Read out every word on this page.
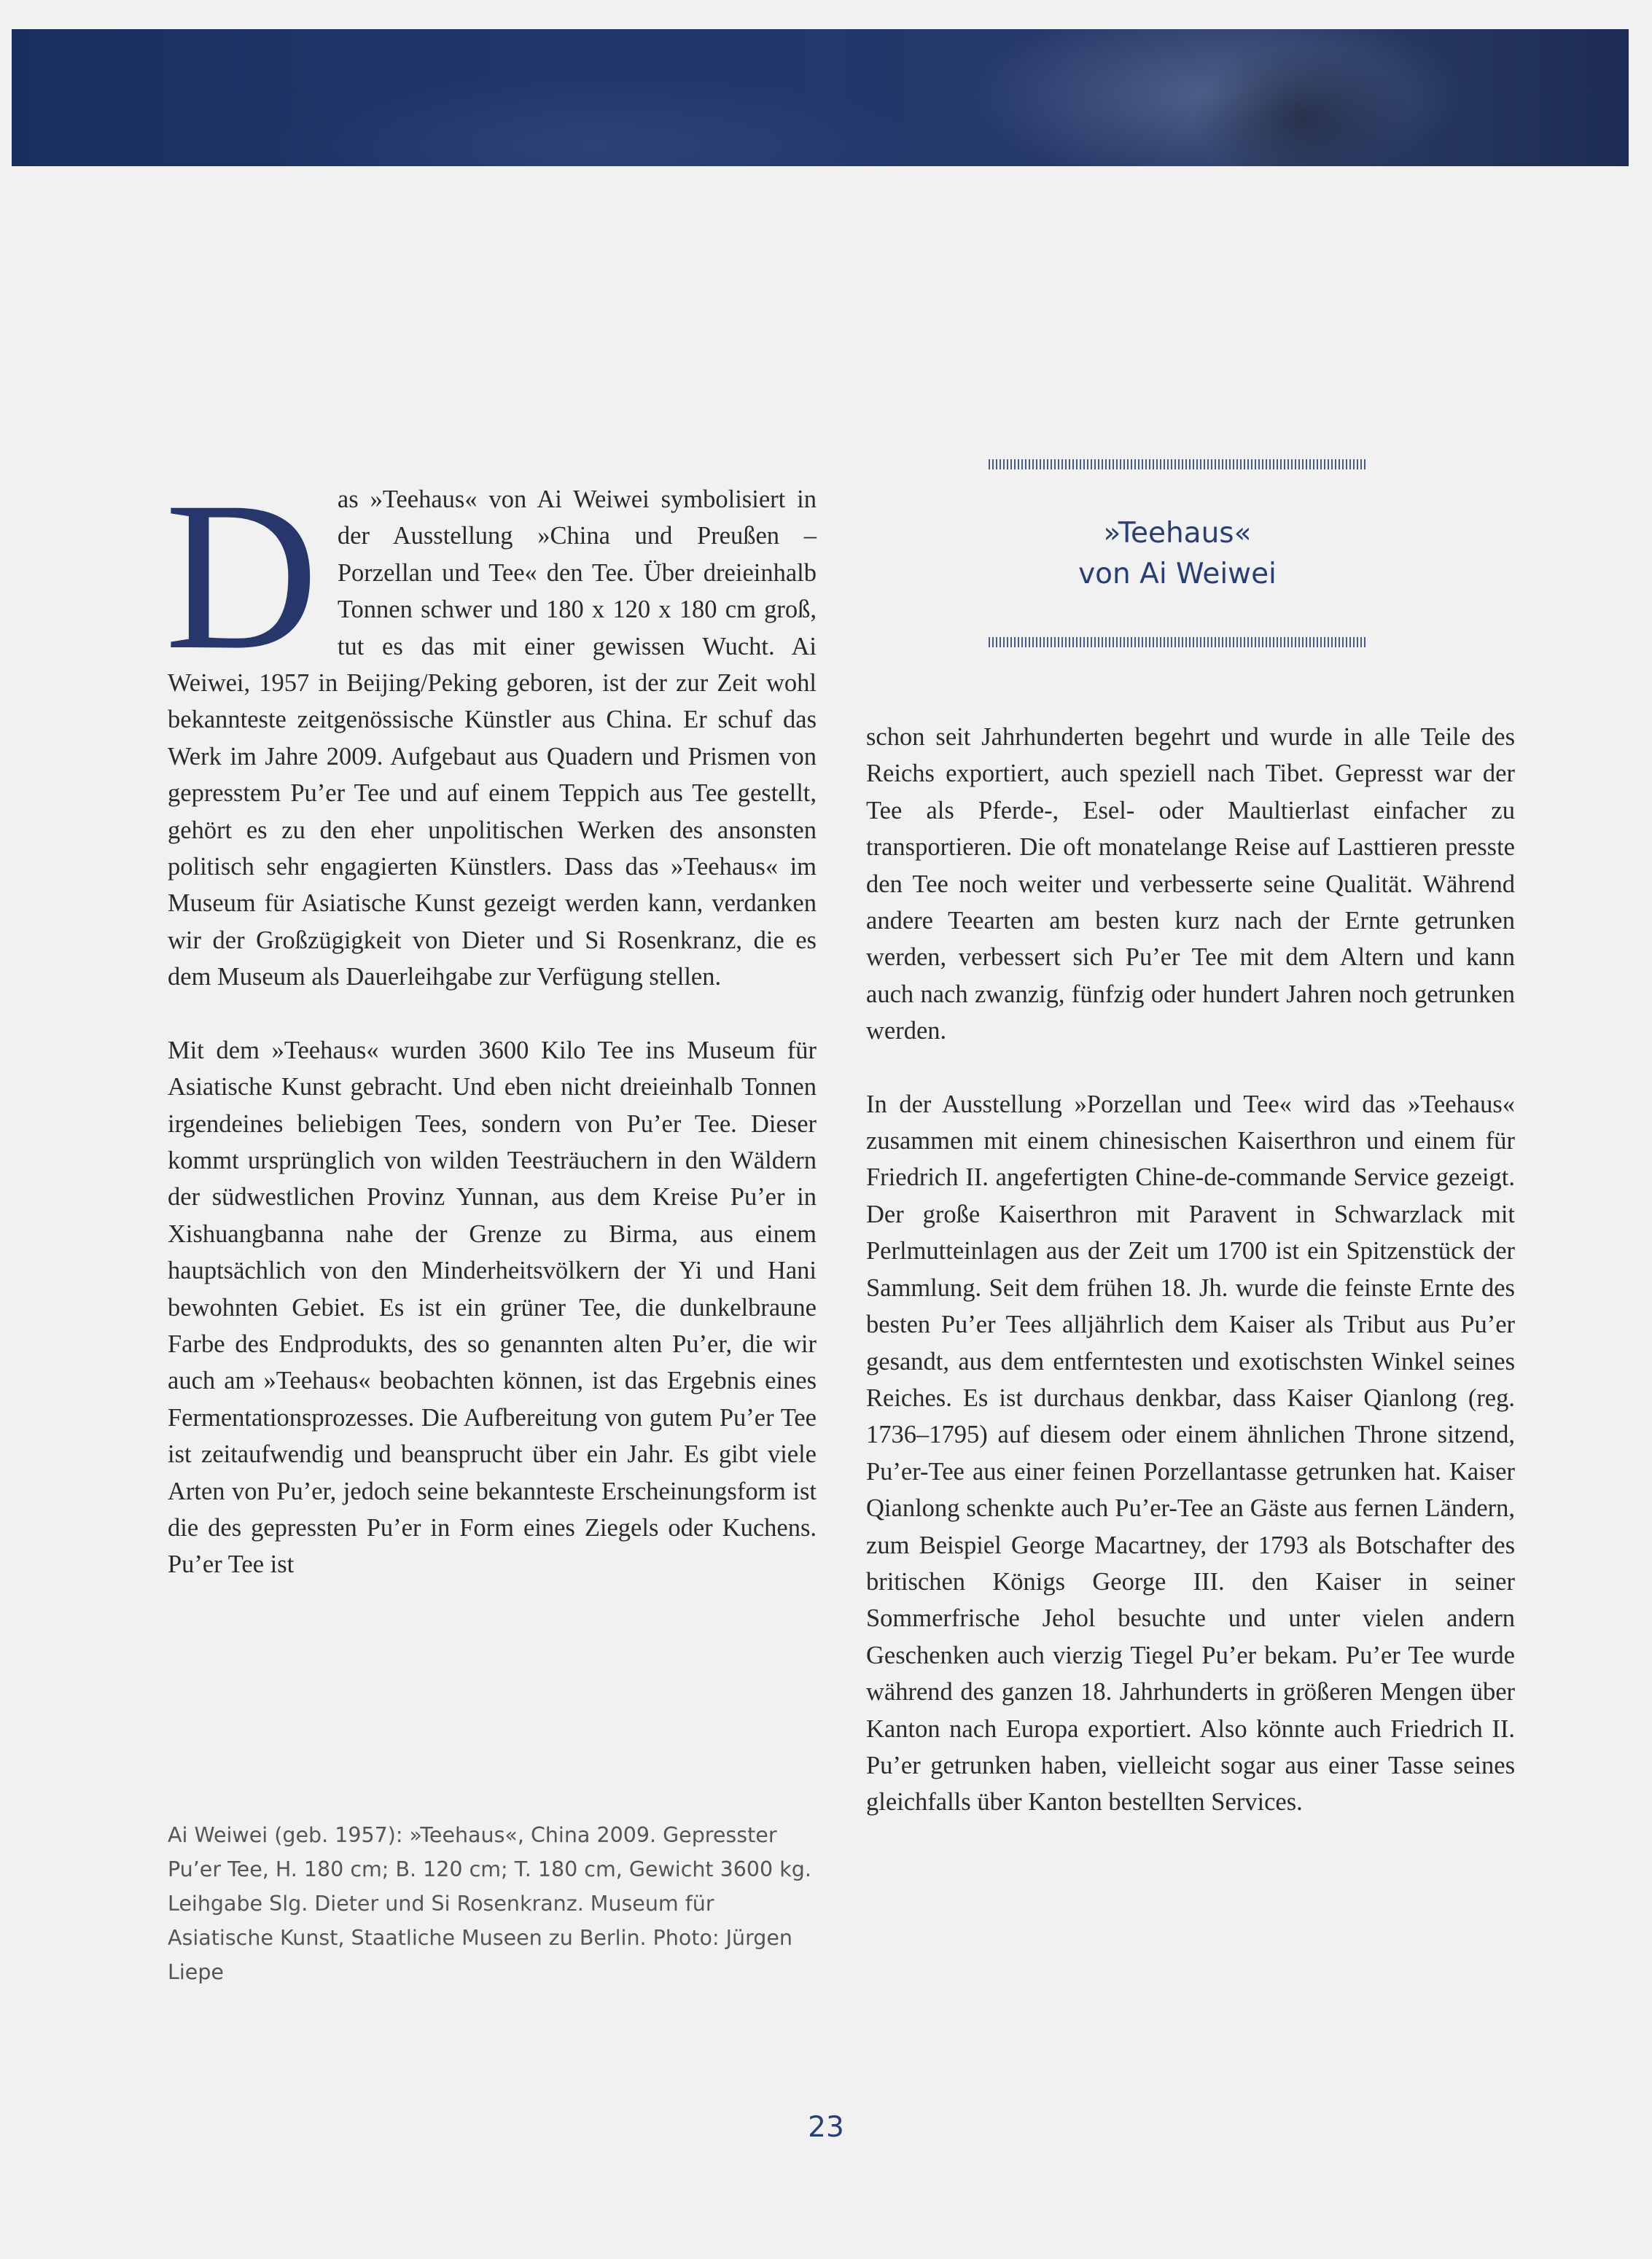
Das »Teehaus« von Ai Weiwei symbolisiert in der Ausstellung »China und Preußen – Porzellan und Tee« den Tee. Über dreieinhalb Tonnen schwer und 180 x 120 x 180 cm groß, tut es das mit einer gewissen Wucht. Ai Weiwei, 1957 in Beijing/Peking geboren, ist der zur Zeit wohl bekannteste zeitgenössische Künstler aus China. Er schuf das Werk im Jahre 2009. Aufgebaut aus Quadern und Prismen von gepresstem Pu’er Tee und auf einem Teppich aus Tee gestellt, gehört es zu den eher unpolitischen Werken des ansonsten politisch sehr engagierten Künstlers. Dass das »Teehaus« im Museum für Asiatische Kunst gezeigt werden kann, verdanken wir der Großzügigkeit von Dieter und Si Rosenkranz, die es dem Museum als Dauerleihgabe zur Verfügung stellen.

Mit dem »Teehaus« wurden 3600 Kilo Tee ins Museum für Asiatische Kunst gebracht. Und eben nicht dreieinhalb Tonnen irgendeines beliebigen Tees, sondern von Pu’er Tee. Dieser kommt ursprünglich von wilden Teesträuchern in den Wäldern der südwestlichen Provinz Yunnan, aus dem Kreise Pu’er in Xishuangbanna nahe der Grenze zu Birma, aus einem hauptsächlich von den Minderheitsvölkern der Yi und Hani bewohnten Gebiet. Es ist ein grüner Tee, die dunkelbraune Farbe des Endprodukts, des so genannten alten Pu’er, die wir auch am »Teehaus« beobachten können, ist das Ergebnis eines Fermentationsprozesses. Die Aufbereitung von gutem Pu’er Tee ist zeitaufwendig und beansprucht über ein Jahr. Es gibt viele Arten von Pu’er, jedoch seine bekannteste Erscheinungsform ist die des gepressten Pu’er in Form eines Ziegels oder Kuchens. Pu’er Tee ist

»Teehaus«
von Ai Weiwei

schon seit Jahrhunderten begehrt und wurde in alle Teile des Reichs exportiert, auch speziell nach Tibet. Gepresst war der Tee als Pferde-, Esel- oder Maultierlast einfacher zu transportieren. Die oft monatelange Reise auf Lasttieren presste den Tee noch weiter und verbesserte seine Qualität. Während andere Teearten am besten kurz nach der Ernte getrunken werden, verbessert sich Pu’er Tee mit dem Altern und kann auch nach zwanzig, fünfzig oder hundert Jahren noch getrunken werden.

In der Ausstellung »Porzellan und Tee« wird das »Teehaus« zusammen mit einem chinesischen Kaiserthron und einem für Friedrich II. angefertigten Chine-de-commande Service gezeigt. Der große Kaiserthron mit Paravent in Schwarzlack mit Perlmutteinlagen aus der Zeit um 1700 ist ein Spitzenstück der Sammlung. Seit dem frühen 18. Jh. wurde die feinste Ernte des besten Pu’er Tees alljährlich dem Kaiser als Tribut aus Pu’er gesandt, aus dem entferntesten und exotischsten Winkel seines Reiches. Es ist durchaus denkbar, dass Kaiser Qianlong (reg. 1736–1795) auf diesem oder einem ähnlichen Throne sitzend, Pu’er-Tee aus einer feinen Porzellantasse getrunken hat. Kaiser Qianlong schenkte auch Pu’er-Tee an Gäste aus fernen Ländern, zum Beispiel George Macartney, der 1793 als Botschafter des britischen Königs George III. den Kaiser in seiner Sommerfrische Jehol besuchte und unter vielen andern Geschenken auch vierzig Tiegel Pu’er bekam. Pu’er Tee wurde während des ganzen 18. Jahrhunderts in größeren Mengen über Kanton nach Europa exportiert. Also könnte auch Friedrich II. Pu’er getrunken haben, vielleicht sogar aus einer Tasse seines gleichfalls über Kanton bestellten Services.

Ai Weiwei (geb. 1957): »Teehaus«, China 2009. Gepresster Pu’er Tee, H. 180 cm; B. 120 cm; T. 180 cm, Gewicht 3600 kg. Leihgabe Slg. Dieter und Si Rosenkranz. Museum für Asiatische Kunst, Staatliche Museen zu Berlin. Photo: Jürgen Liepe
23
